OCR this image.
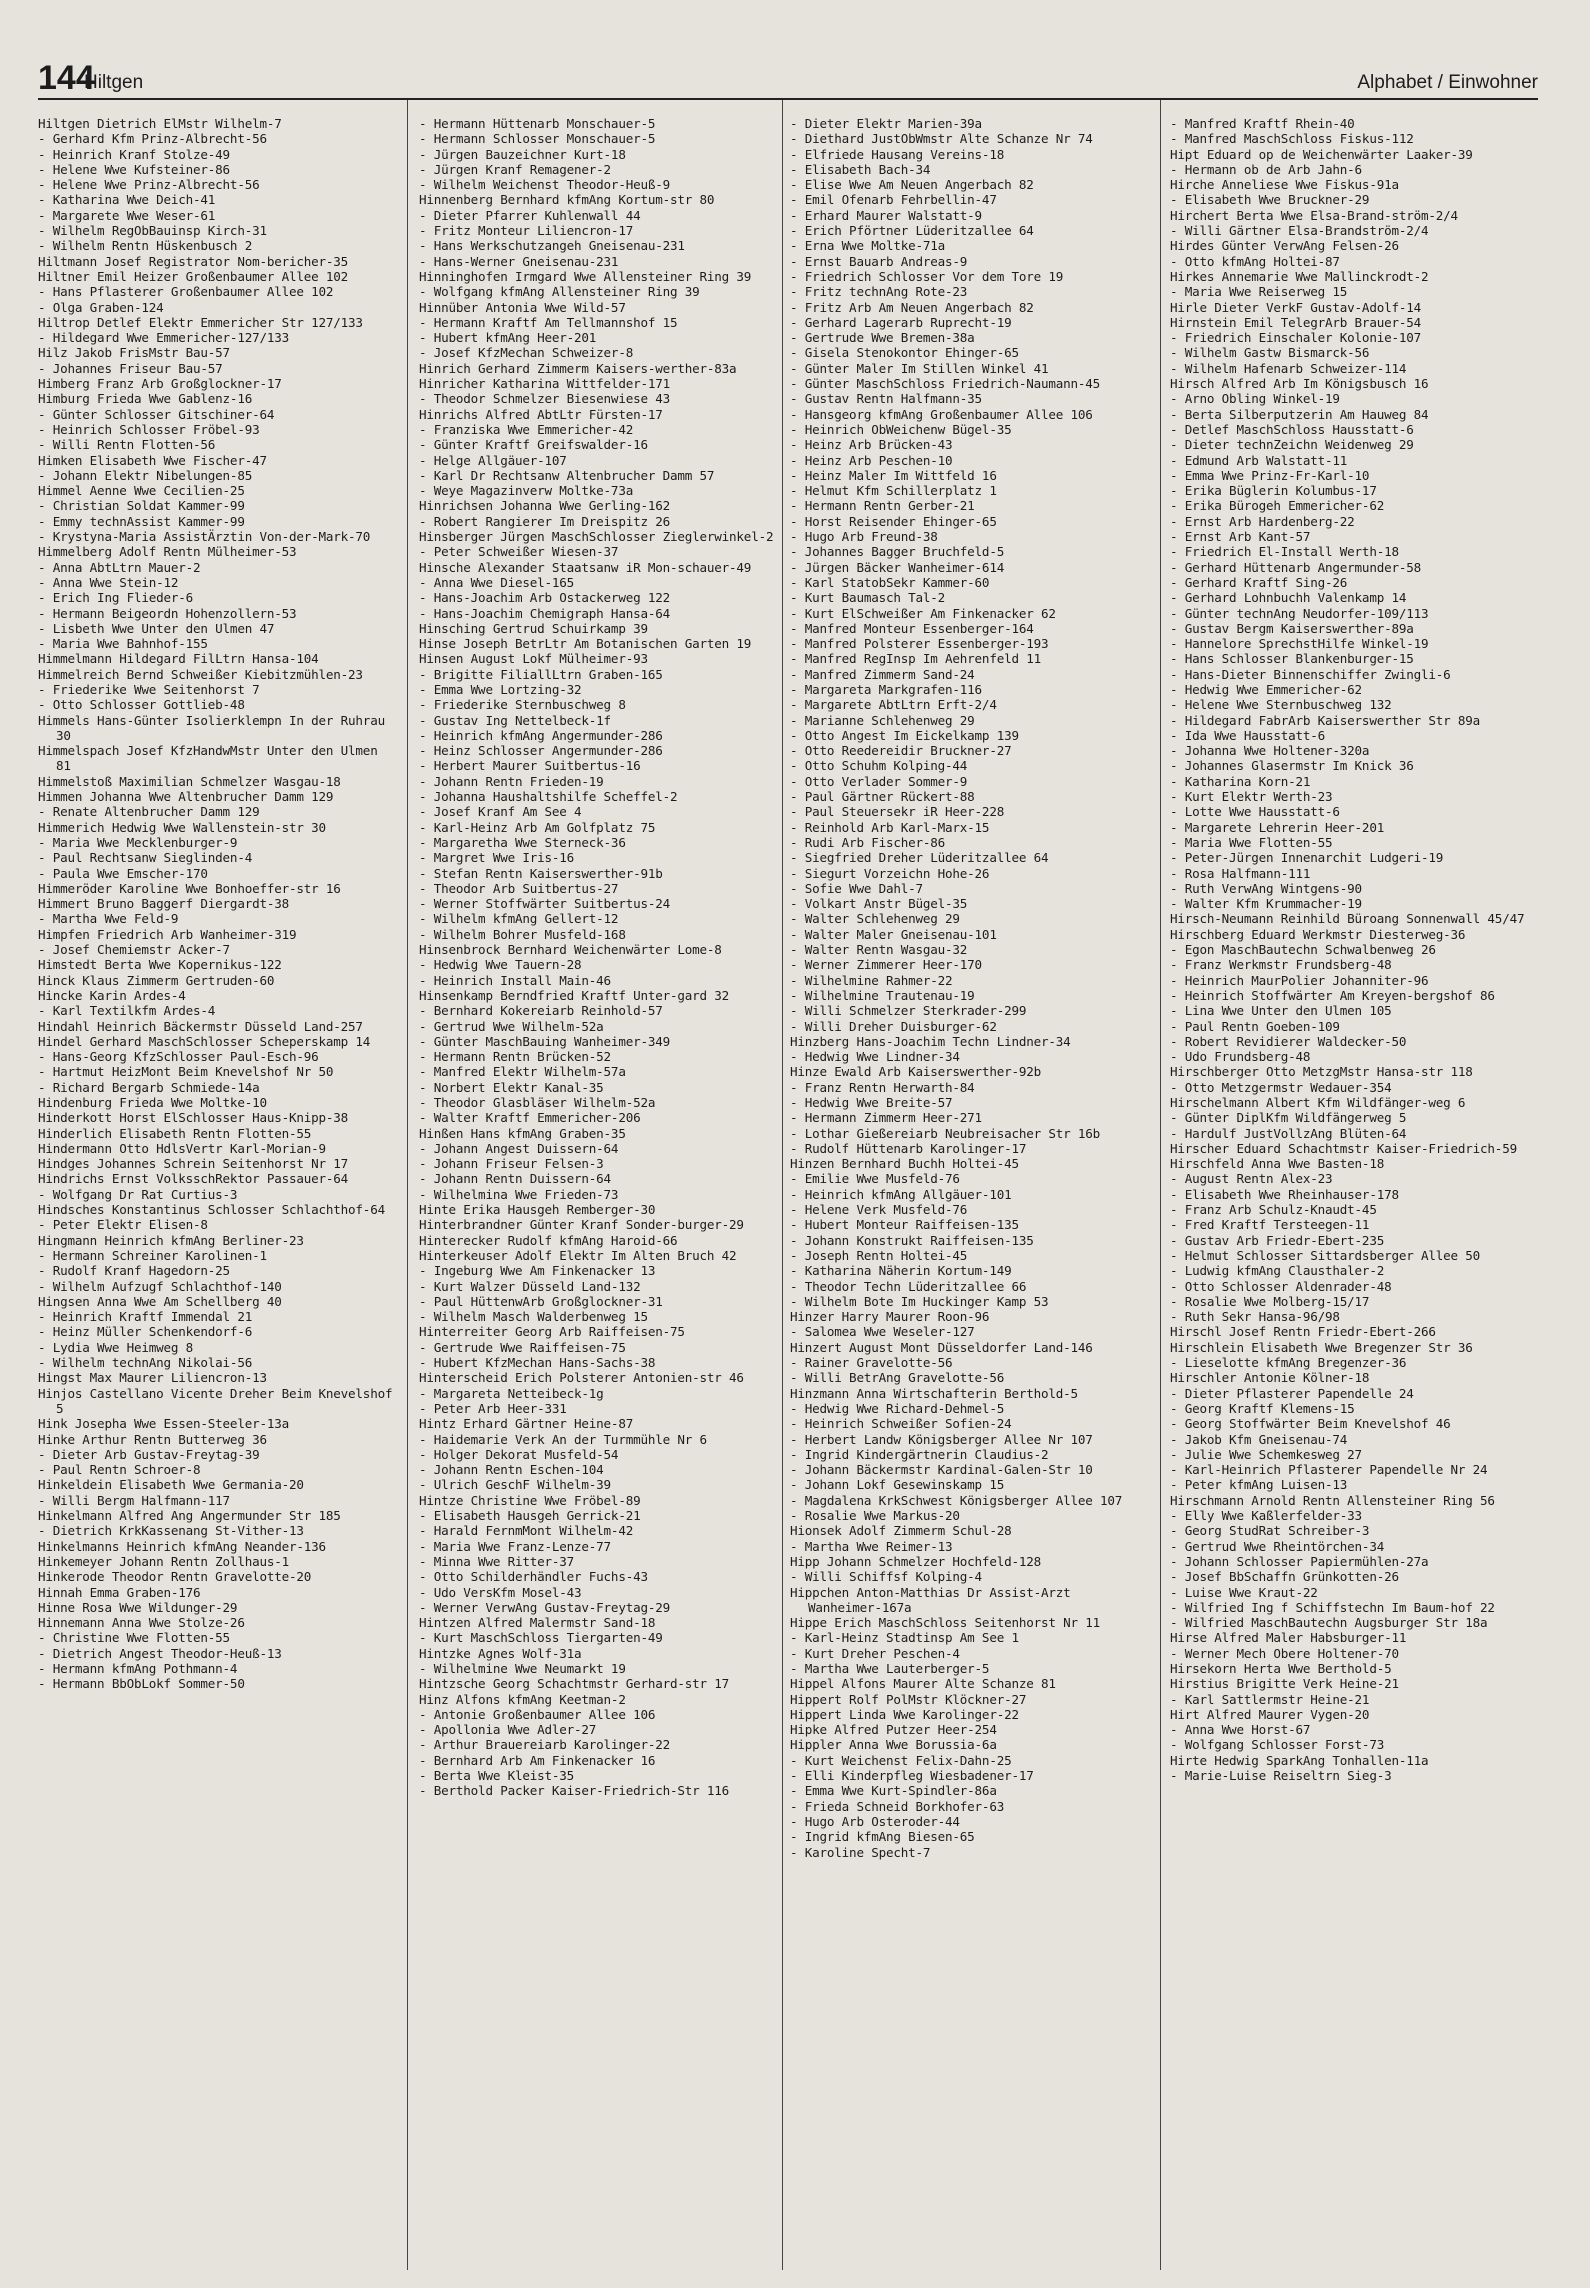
144
Hiltgen	Alphabet / Einwohner
Hiltgen Dietrich ElMstr Wilhelm-7
- Gerhard Kfm Prinz-Albrecht-56
- Heinrich Kranf Stolze-49
- Helene Wwe Kufsteiner-86
- Helene Wwe Prinz-Albrecht-56
- Katharina Wwe Deich-41
- Margarete Wwe Weser-61
- Wilhelm RegObBauinsp Kirch-31
- Wilhelm Rentn Hüskenbusch 2
Hiltmann Josef Registrator Nom-bericher-35
Hiltner Emil Heizer Großenbaumer Allee 102
- Hans Pflasterer Großenbaumer Allee 102
- Olga Graben-124
Hiltrop Detlef Elektr Emmericher Str 127/133
- Hildegard Wwe Emmericher-127/133
Hilz Jakob FrisMstr Bau-57
- Johannes Friseur Bau-57
Himberg Franz Arb Großglockner-17
Himburg Frieda Wwe Gablenz-16
- Günter Schlosser Gitschiner-64
- Heinrich Schlosser Fröbel-93
- Willi Rentn Flotten-56
Himken Elisabeth Wwe Fischer-47
- Johann Elektr Nibelungen-85
Himmel Aenne Wwe Cecilien-25
- Christian Soldat Kammer-99
- Emmy technAssist Kammer-99
- Krystyna-Maria AssistÄrztin Von-der-Mark-70
Himmelberg Adolf Rentn Mülheimer-53
- Anna AbtLtrn Mauer-2
- Anna Wwe Stein-12
- Erich Ing Flieder-6
- Hermann Beigeordn Hohenzollern-53
- Lisbeth Wwe Unter den Ulmen 47
- Maria Wwe Bahnhof-155
Himmelmann Hildegard FilLtrn Hansa-104
Himmelreich Bernd Schweißer Kiebitzmühlen-23
- Friederike Wwe Seitenhorst 7
- Otto Schlosser Gottlieb-48
Himmels Hans-Günter Isolierklempn In der Ruhrau 30
Himmelspach Josef KfzHandwMstr Unter den Ulmen 81
Himmelstoß Maximilian Schmelzer Wasgau-18
Himmen Johanna Wwe Altenbrucher Damm 129
- Renate Altenbrucher Damm 129
Himmerich Hedwig Wwe Wallenstein-str 30
- Maria Wwe Mecklenburger-9
- Paul Rechtsanw Sieglinden-4
- Paula Wwe Emscher-170
Himmeröder Karoline Wwe Bonhoeffer-str 16
Himmert Bruno Baggerf Diergardt-38
- Martha Wwe Feld-9
Himpfen Friedrich Arb Wanheimer-319
- Josef Chemiemstr Acker-7
Himstedt Berta Wwe Kopernikus-122
Hinck Klaus Zimmerm Gertruden-60
Hincke Karin Ardes-4
- Karl Textilkfm Ardes-4
Hindahl Heinrich Bäckermstr Düsseld Land-257
Hindel Gerhard MaschSchlosser Scheperskamp 14
- Hans-Georg KfzSchlosser Paul-Esch-96
- Hartmut HeizMont Beim Knevelshof Nr 50
- Richard Bergarb Schmiede-14a
Hindenburg Frieda Wwe Moltke-10
Hinderkott Horst ElSchlosser Haus-Knipp-38
Hinderlich Elisabeth Rentn Flotten-55
Hindermann Otto HdlsVertr Karl-Morian-9
Hindges Johannes Schrein Seitenhorst Nr 17
Hindrichs Ernst VolksschRektor Passauer-64
- Wolfgang Dr Rat Curtius-3
Hindsches Konstantinus Schlosser Schlachthof-64
- Peter Elektr Elisen-8
Hingmann Heinrich kfmAng Berliner-23
- Hermann Schreiner Karolinen-1
- Rudolf Kranf Hagedorn-25
- Wilhelm Aufzugf Schlachthof-140
Hingsen Anna Wwe Am Schellberg 40
- Heinrich Kraftf Immendal 21
- Heinz Müller Schenkendorf-6
- Lydia Wwe Heimweg 8
- Wilhelm technAng Nikolai-56
Hingst Max Maurer Liliencron-13
Hinjos Castellano Vicente Dreher Beim Knevelshof 5
Hink Josepha Wwe Essen-Steeler-13a
Hinke Arthur Rentn Butterweg 36
- Dieter Arb Gustav-Freytag-39
- Paul Rentn Schroer-8
Hinkeldein Elisabeth Wwe Germania-20
- Willi Bergm Halfmann-117
Hinkelmann Alfred Ang Angermunder Str 185
- Dietrich KrkKassenang St-Vither-13
Hinkelmanns Heinrich kfmAng Neander-136
Hinkemeyer Johann Rentn Zollhaus-1
Hinkerode Theodor Rentn Gravelotte-20
Hinnah Emma Graben-176
Hinne Rosa Wwe Wildunger-29
Hinnemann Anna Wwe Stolze-26
- Christine Wwe Flotten-55
- Dietrich Angest Theodor-Heuß-13
- Hermann kfmAng Pothmann-4
- Hermann BbObLokf Sommer-50
- Hermann Hüttenarb Monschauer-5
- Hermann Schlosser Monschauer-5
- Jürgen Bauzeichner Kurt-18
- Jürgen Kranf Remagener-2
- Wilhelm Weichenst Theodor-Heuß-9
Hinnenberg Bernhard kfmAng Kortum-str 80
- Dieter Pfarrer Kuhlenwall 44
- Fritz Monteur Liliencron-17
- Hans Werkschutzangeh Gneisenau-231
- Hans-Werner Gneisenau-231
Hinninghofen Irmgard Wwe Allensteiner Ring 39
- Wolfgang kfmAng Allensteiner Ring 39
Hinnüber Antonia Wwe Wild-57
- Hermann Kraftf Am Tellmannshof 15
- Hubert kfmAng Heer-201
- Josef KfzMechan Schweizer-8
Hinrich Gerhard Zimmerm Kaisers-werther-83a
Hinricher Katharina Wittfelder-171
- Theodor Schmelzer Biesenwiese 43
Hinrichs Alfred AbtLtr Fürsten-17
- Franziska Wwe Emmericher-42
- Günter Kraftf Greifswalder-16
- Helge Allgäuer-107
- Karl Dr Rechtsanw Altenbrucher Damm 57
- Weye Magazinverw Moltke-73a
Hinrichsen Johanna Wwe Gerling-162
- Robert Rangierer Im Dreispitz 26
Hinsberger Jürgen MaschSchlosser Zieglerwinkel-2
- Peter Schweißer Wiesen-37
Hinsche Alexander Staatsanw iR Mon-schauer-49
- Anna Wwe Diesel-165
- Hans-Joachim Arb Ostackerweg 122
- Hans-Joachim Chemigraph Hansa-64
Hinsching Gertrud Schuirkamp 39
Hinse Joseph BetrLtr Am Botanischen Garten 19
Hinsen August Lokf Mülheimer-93
- Brigitte FiliallLtrn Graben-165
- Emma Wwe Lortzing-32
- Friederike Sternbuschweg 8
- Gustav Ing Nettelbeck-1f
- Heinrich kfmAng Angermunder-286
- Heinz Schlosser Angermunder-286
- Herbert Maurer Suitbertus-16
- Johann Rentn Frieden-19
- Johanna Haushaltshilfe Scheffel-2
- Josef Kranf Am See 4
- Karl-Heinz Arb Am Golfplatz 75
- Margaretha Wwe Sterneck-36
- Margret Wwe Iris-16
- Stefan Rentn Kaiserswerther-91b
- Theodor Arb Suitbertus-27
- Werner Stoffwärter Suitbertus-24
- Wilhelm kfmAng Gellert-12
- Wilhelm Bohrer Musfeld-168
Hinsenbrock Bernhard Weichenwärter Lome-8
- Hedwig Wwe Tauern-28
- Heinrich Install Main-46
Hinsenkamp Berndfried Kraftf Unter-gard 32
- Bernhard Kokereiarb Reinhold-57
- Gertrud Wwe Wilhelm-52a
- Günter MaschBauing Wanheimer-349
- Hermann Rentn Brücken-52
- Manfred Elektr Wilhelm-57a
- Norbert Elektr Kanal-35
- Theodor Glasbläser Wilhelm-52a
- Walter Kraftf Emmericher-206
Hinßen Hans kfmAng Graben-35
- Johann Angest Duissern-64
- Johann Friseur Felsen-3
- Johann Rentn Duissern-64
- Wilhelmina Wwe Frieden-73
Hinte Erika Hausgeh Remberger-30
Hinterbrandner Günter Kranf Sonder-burger-29
Hinterecker Rudolf kfmAng Haroid-66
Hinterkeuser Adolf Elektr Im Alten Bruch 42
- Ingeburg Wwe Am Finkenacker 13
- Kurt Walzer Düsseld Land-132
- Paul HüttenwArb Großglockner-31
- Wilhelm Masch Walderbenweg 15
Hinterreiter Georg Arb Raiffeisen-75
- Gertrude Wwe Raiffeisen-75
- Hubert KfzMechan Hans-Sachs-38
Hinterscheid Erich Polsterer Antonien-str 46
- Margareta Netteibeck-1g
- Peter Arb Heer-331
Hintz Erhard Gärtner Heine-87
- Haidemarie Verk An der Turmmühle Nr 6
- Holger Dekorat Musfeld-54
- Johann Rentn Eschen-104
- Ulrich GeschF Wilhelm-39
Hintze Christine Wwe Fröbel-89
- Elisabeth Hausgeh Gerrick-21
- Harald FernmMont Wilhelm-42
- Maria Wwe Franz-Lenze-77
- Minna Wwe Ritter-37
- Otto Schilderhändler Fuchs-43
- Udo VersKfm Mosel-43
- Werner VerwAng Gustav-Freytag-29
Hintzen Alfred Malermstr Sand-18
- Kurt MaschSchloss Tiergarten-49
Hintzke Agnes Wolf-31a
- Wilhelmine Wwe Neumarkt 19
Hintzsche Georg Schachtmstr Gerhard-str 17
Hinz Alfons kfmAng Keetman-2
- Antonie Großenbaumer Allee 106
- Apollonia Wwe Adler-27
- Arthur Brauereiarb Karolinger-22
- Bernhard Arb Am Finkenacker 16
- Berta Wwe Kleist-35
- Berthold Packer Kaiser-Friedrich-Str 116
- Dieter Elektr Marien-39a
- Diethard JustObWmstr Alte Schanze Nr 74
- Elfriede Hausang Vereins-18
- Elisabeth Bach-34
- Elise Wwe Am Neuen Angerbach 82
- Emil Ofenarb Fehrbellin-47
- Erhard Maurer Walstatt-9
- Erich Pförtner Lüderitzallee 64
- Erna Wwe Moltke-71a
- Ernst Bauarb Andreas-9
- Friedrich Schlosser Vor dem Tore 19
- Fritz technAng Rote-23
- Fritz Arb Am Neuen Angerbach 82
- Gerhard Lagerarb Ruprecht-19
- Gertrude Wwe Bremen-38a
- Gisela Stenokontor Ehinger-65
- Günter Maler Im Stillen Winkel 41
- Günter MaschSchloss Friedrich-Naumann-45
- Gustav Rentn Halfmann-35
- Hansgeorg kfmAng Großenbaumer Allee 106
- Heinrich ObWeichenw Bügel-35
- Heinz Arb Brücken-43
- Heinz Arb Peschen-10
- Heinz Maler Im Wittfeld 16
- Helmut Kfm Schillerplatz 1
- Hermann Rentn Gerber-21
- Horst Reisender Ehinger-65
- Hugo Arb Freund-38
- Johannes Bagger Bruchfeld-5
- Jürgen Bäcker Wanheimer-614
- Karl StatobSekr Kammer-60
- Kurt Baumasch Tal-2
- Kurt ElSchweißer Am Finkenacker 62
- Manfred Monteur Essenberger-164
- Manfred Polsterer Essenberger-193
- Manfred RegInsp Im Aehrenfeld 11
- Manfred Zimmerm Sand-24
- Margareta Markgrafen-116
- Margarete AbtLtrn Erft-2/4
- Marianne Schlehenweg 29
- Otto Angest Im Eickelkamp 139
- Otto Reedereidir Bruckner-27
- Otto Schuhm Kolping-44
- Otto Verlader Sommer-9
- Paul Gärtner Rückert-88
- Paul Steuersekr iR Heer-228
- Reinhold Arb Karl-Marx-15
- Rudi Arb Fischer-86
- Siegfried Dreher Lüderitzallee 64
- Siegurt Vorzeichn Hohe-26
- Sofie Wwe Dahl-7
- Volkart Anstr Bügel-35
- Walter Schlehenweg 29
- Walter Maler Gneisenau-101
- Walter Rentn Wasgau-32
- Werner Zimmerer Heer-170
- Wilhelmine Rahmer-22
- Wilhelmine Trautenau-19
- Willi Schmelzer Sterkrader-299
- Willi Dreher Duisburger-62
Hinzberg Hans-Joachim Techn Lindner-34
- Hedwig Wwe Lindner-34
Hinze Ewald Arb Kaiserswerther-92b
- Franz Rentn Herwarth-84
- Hedwig Wwe Breite-57
- Hermann Zimmerm Heer-271
- Lothar Gießereiarb Neubreisacher Str 16b
- Rudolf Hüttenarb Karolinger-17
Hinzen Bernhard Buchh Holtei-45
- Emilie Wwe Musfeld-76
- Heinrich kfmAng Allgäuer-101
- Helene Verk Musfeld-76
- Hubert Monteur Raiffeisen-135
- Johann Konstrukt Raiffeisen-135
- Joseph Rentn Holtei-45
- Katharina Näherin Kortum-149
- Theodor Techn Lüderitzallee 66
- Wilhelm Bote Im Huckinger Kamp 53
Hinzer Harry Maurer Roon-96
- Salomea Wwe Weseler-127
Hinzert August Mont Düsseldorfer Land-146
- Rainer Gravelotte-56
- Willi BetrAng Gravelotte-56
Hinzmann Anna Wirtschafterin Berthold-5
- Hedwig Wwe Richard-Dehmel-5
- Heinrich Schweißer Sofien-24
- Herbert Landw Königsberger Allee Nr 107
- Ingrid Kindergärtnerin Claudius-2
- Johann Bäckermstr Kardinal-Galen-Str 10
- Johann Lokf Gesewinskamp 15
- Magdalena KrkSchwest Königsberger Allee 107
- Rosalie Wwe Markus-20
Hionsek Adolf Zimmerm Schul-28
- Martha Wwe Reimer-13
Hipp Johann Schmelzer Hochfeld-128
- Willi Schiffsf Kolping-4
Hippchen Anton-Matthias Dr Assist-Arzt Wanheimer-167a
Hippe Erich MaschSchloss Seitenhorst Nr 11
- Karl-Heinz Stadtinsp Am See 1
- Kurt Dreher Peschen-4
- Martha Wwe Lauterberger-5
Hippel Alfons Maurer Alte Schanze 81
Hippert Rolf PolMstr Klöckner-27
Hippert Linda Wwe Karolinger-22
Hipke Alfred Putzer Heer-254
Hippler Anna Wwe Borussia-6a
- Kurt Weichenst Felix-Dahn-25
- Elli Kinderpfleg Wiesbadener-17
- Emma Wwe Kurt-Spindler-86a
- Frieda Schneid Borkhofer-63
- Hugo Arb Osteroder-44
- Ingrid kfmAng Biesen-65
- Karoline Specht-7
- Manfred Kraftf Rhein-40
- Manfred MaschSchloss Fiskus-112
Hipt Eduard op de Weichenwärter Laaker-39
- Hermann ob de Arb Jahn-6
Hirche Anneliese Wwe Fiskus-91a
- Elisabeth Wwe Bruckner-29
Hirchert Berta Wwe Elsa-Brand-ström-2/4
- Willi Gärtner Elsa-Brandström-2/4
Hirdes Günter VerwAng Felsen-26
- Otto kfmAng Holtei-87
Hirkes Annemarie Wwe Mallinckrodt-2
- Maria Wwe Reiserweg 15
Hirle Dieter VerkF Gustav-Adolf-14
Hirnstein Emil TelegrArb Brauer-54
- Friedrich Einschaler Kolonie-107
- Wilhelm Gastw Bismarck-56
- Wilhelm Hafenarb Schweizer-114
Hirsch Alfred Arb Im Königsbusch 16
- Arno Obling Winkel-19
- Berta Silberputzerin Am Hauweg 84
- Detlef MaschSchloss Hausstatt-6
- Dieter technZeichn Weidenweg 29
- Edmund Arb Walstatt-11
- Emma Wwe Prinz-Fr-Karl-10
- Erika Büglerin Kolumbus-17
- Erika Bürogeh Emmericher-62
- Ernst Arb Hardenberg-22
- Ernst Arb Kant-57
- Friedrich El-Install Werth-18
- Gerhard Hüttenarb Angermunder-58
- Gerhard Kraftf Sing-26
- Gerhard Lohnbuchh Valenkamp 14
- Günter technAng Neudorfer-109/113
- Gustav Bergm Kaiserswerther-89a
- Hannelore SprechstHilfe Winkel-19
- Hans Schlosser Blankenburger-15
- Hans-Dieter Binnenschiffer Zwingli-6
- Hedwig Wwe Emmericher-62
- Helene Wwe Sternbuschweg 132
- Hildegard FabrArb Kaiserswerther Str 89a
- Ida Wwe Hausstatt-6
- Johanna Wwe Holtener-320a
- Johannes Glasermstr Im Knick 36
- Katharina Korn-21
- Kurt Elektr Werth-23
- Lotte Wwe Hausstatt-6
- Margarete Lehrerin Heer-201
- Maria Wwe Flotten-55
- Peter-Jürgen Innenarchit Ludgeri-19
- Rosa Halfmann-111
- Ruth VerwAng Wintgens-90
- Walter Kfm Krummacher-19
Hirsch-Neumann Reinhild Büroang Sonnenwall 45/47
Hirschberg Eduard Werkmstr Diesterweg-36
- Egon MaschBautechn Schwalbenweg 26
- Franz Werkmstr Frundsberg-48
- Heinrich MaurPolier Johanniter-96
- Heinrich Stoffwärter Am Kreyen-bergshof 86
- Lina Wwe Unter den Ulmen 105
- Paul Rentn Goeben-109
- Robert Revidierer Waldecker-50
- Udo Frundsberg-48
Hirschberger Otto MetzgMstr Hansa-str 118
- Otto Metzgermstr Wedauer-354
Hirschelmann Albert Kfm Wildfänger-weg 6
- Günter DiplKfm Wildfängerweg 5
- Hardulf JustVollzAng Blüten-64
Hirscher Eduard Schachtmstr Kaiser-Friedrich-59
Hirschfeld Anna Wwe Basten-18
- August Rentn Alex-23
- Elisabeth Wwe Rheinhauser-178
- Franz Arb Schulz-Knaudt-45
- Fred Kraftf Tersteegen-11
- Gustav Arb Friedr-Ebert-235
- Helmut Schlosser Sittardsberger Allee 50
- Ludwig kfmAng Clausthaler-2
- Otto Schlosser Aldenrader-48
- Rosalie Wwe Molberg-15/17
- Ruth Sekr Hansa-96/98
Hirschl Josef Rentn Friedr-Ebert-266
Hirschlein Elisabeth Wwe Bregenzer Str 36
- Lieselotte kfmAng Bregenzer-36
Hirschler Antonie Kölner-18
- Dieter Pflasterer Papendelle 24
- Georg Kraftf Klemens-15
- Georg Stoffwärter Beim Knevelshof 46
- Jakob Kfm Gneisenau-74
- Julie Wwe Schemkesweg 27
- Karl-Heinrich Pflasterer Papendelle Nr 24
- Peter kfmAng Luisen-13
Hirschmann Arnold Rentn Allensteiner Ring 56
- Elly Wwe Kaßlerfelder-33
- Georg StudRat Schreiber-3
- Gertrud Wwe Rheintörchen-34
- Johann Schlosser Papiermühlen-27a
- Josef BbSchaffn Grünkotten-26
- Luise Wwe Kraut-22
- Wilfried Ing f Schiffstechn Im Baum-hof 22
- Wilfried MaschBautechn Augsburger Str 18a
Hirse Alfred Maler Habsburger-11
- Werner Mech Obere Holtener-70
Hirsekorn Herta Wwe Berthold-5
Hirstius Brigitte Verk Heine-21
- Karl Sattlermstr Heine-21
Hirt Alfred Maurer Vygen-20
- Anna Wwe Horst-67
- Wolfgang Schlosser Forst-73
Hirte Hedwig SparkAng Tonhallen-11a
- Marie-Luise Reiseltrn Sieg-3
